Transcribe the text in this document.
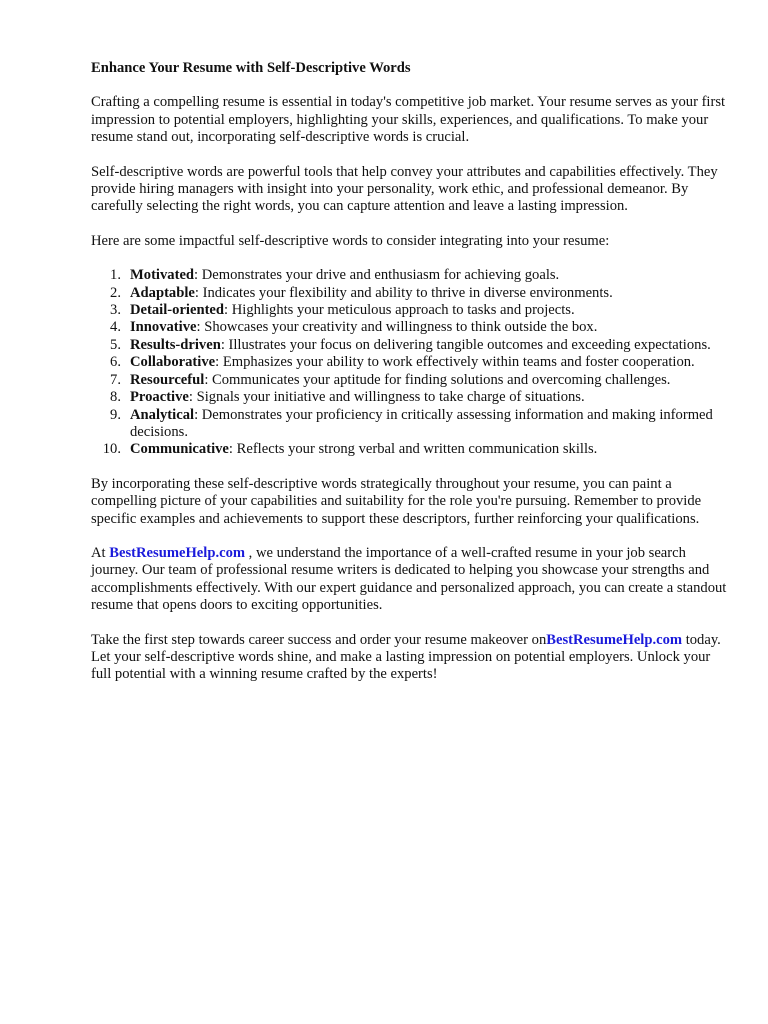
Enhance Your Resume with Self-Descriptive Words

Crafting a compelling resume is essential in today's competitive job market. Your resume serves as your first impression to potential employers, highlighting your skills, experiences, and qualifications. To make your resume stand out, incorporating self-descriptive words is crucial.

Self-descriptive words are powerful tools that help convey your attributes and capabilities effectively. They provide hiring managers with insight into your personality, work ethic, and professional demeanor. By carefully selecting the right words, you can capture attention and leave a lasting impression.

Here are some impactful self-descriptive words to consider integrating into your resume:

1. Motivated: Demonstrates your drive and enthusiasm for achieving goals.
2. Adaptable: Indicates your flexibility and ability to thrive in diverse environments.
3. Detail-oriented: Highlights your meticulous approach to tasks and projects.
4. Innovative: Showcases your creativity and willingness to think outside the box.
5. Results-driven: Illustrates your focus on delivering tangible outcomes and exceeding expectations.
6. Collaborative: Emphasizes your ability to work effectively within teams and foster cooperation.
7. Resourceful: Communicates your aptitude for finding solutions and overcoming challenges.
8. Proactive: Signals your initiative and willingness to take charge of situations.
9. Analytical: Demonstrates your proficiency in critically assessing information and making informed decisions.
10. Communicative: Reflects your strong verbal and written communication skills.

By incorporating these self-descriptive words strategically throughout your resume, you can paint a compelling picture of your capabilities and suitability for the role you're pursuing. Remember to provide specific examples and achievements to support these descriptors, further reinforcing your qualifications.

At BestResumeHelp.com , we understand the importance of a well-crafted resume in your job search journey. Our team of professional resume writers is dedicated to helping you showcase your strengths and accomplishments effectively. With our expert guidance and personalized approach, you can create a standout resume that opens doors to exciting opportunities.

Take the first step towards career success and order your resume makeover onBestResumeHelp.com today. Let your self-descriptive words shine, and make a lasting impression on potential employers. Unlock your full potential with a winning resume crafted by the experts!
